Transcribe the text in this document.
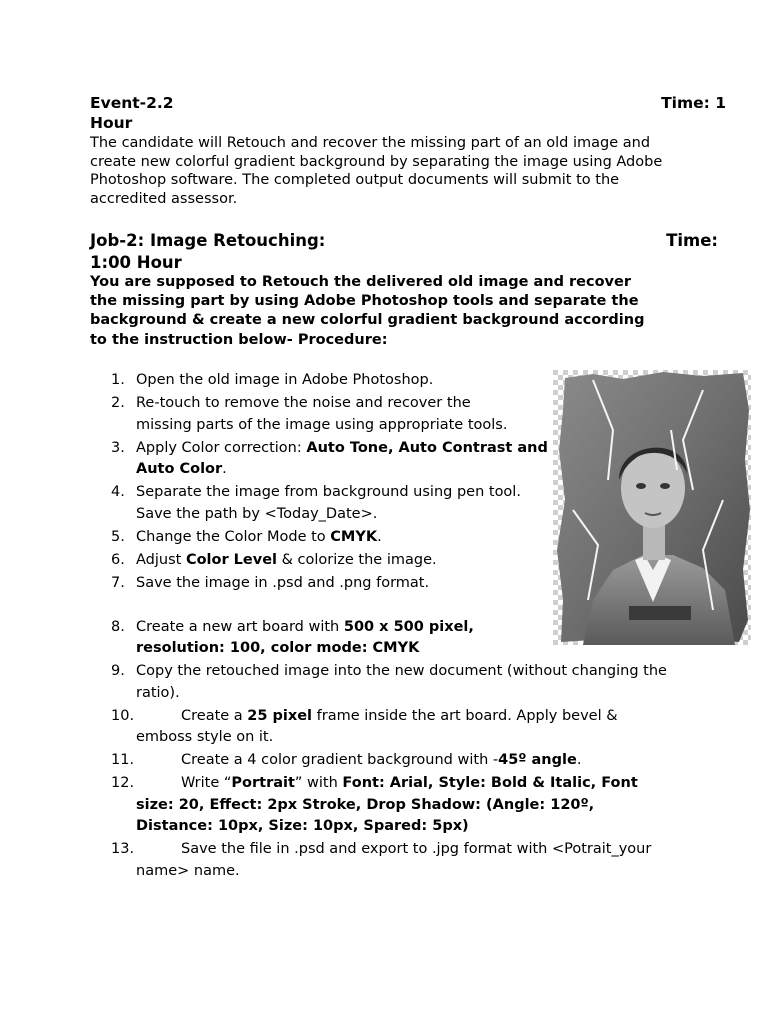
Event-2.2	Time: 1
Hour
The candidate will Retouch and recover the missing part of an old image and create new colorful gradient background by separating the image using Adobe Photoshop software. The completed output documents will submit to the accredited assessor.
Job-2: Image Retouching:	Time:
1:00 Hour
You are supposed to Retouch the delivered old image and recover the missing part by using Adobe Photoshop tools and separate the background & create a new colorful gradient background according to the instruction below- Procedure:
1. Open the old image in Adobe Photoshop.
2. Re-touch to remove the noise and recover the missing parts of the image using appropriate tools.
3. Apply Color correction: Auto Tone, Auto Contrast and Auto Color.
4. Separate the image from background using pen tool. Save the path by <Today_Date>.
5. Change the Color Mode to CMYK.
6. Adjust Color Level & colorize the image.
7. Save the image in .psd and .png format.
8. Create a new art board with 500 x 500 pixel, resolution: 100, color mode: CMYK
9. Copy the retouched image into the new document (without changing the ratio).
10.	Create a 25 pixel frame inside the art board. Apply bevel & emboss style on it.
11.	Create a 4 color gradient background with -45º angle.
12.	Write “Portrait” with Font: Arial, Style: Bold & Italic, Font size: 20, Effect: 2px Stroke, Drop Shadow: (Angle: 120º, Distance: 10px, Size: 10px, Spared: 5px)
13.	Save the file in .psd and export to .jpg format with <Potrait_your name> name.
